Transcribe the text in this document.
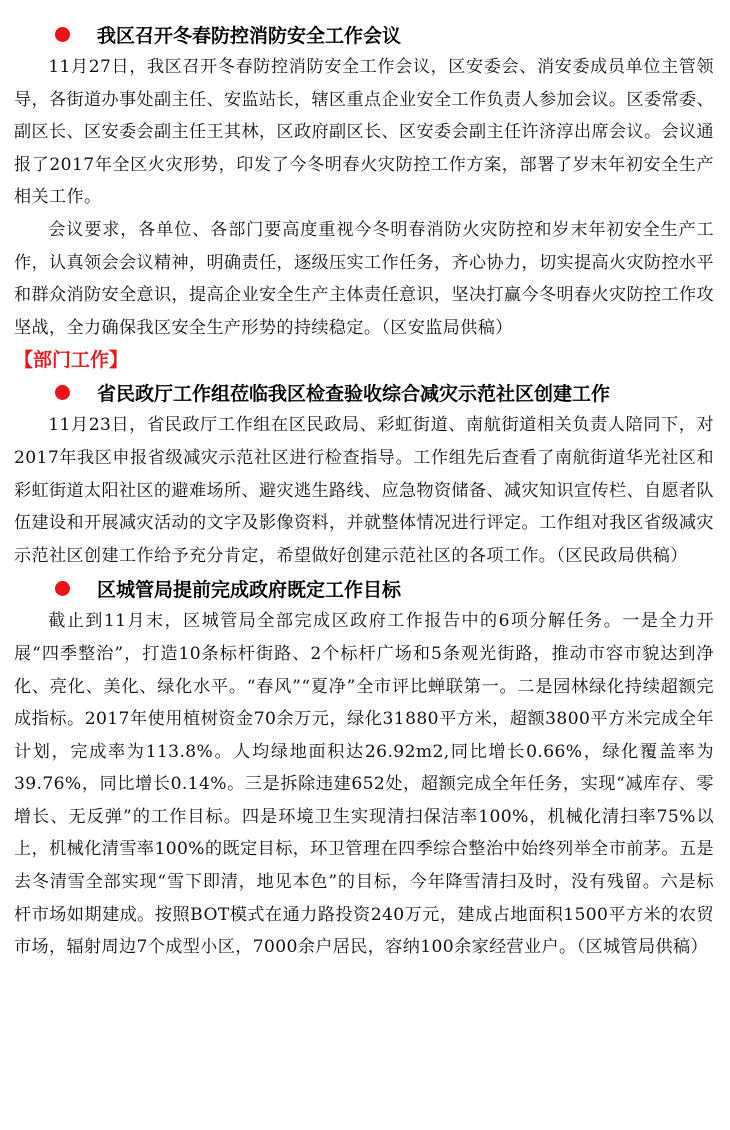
我区召开冬春防控消防安全工作会议

11月27日，我区召开冬春防控消防安全工作会议，区安委会、消安委成员单位主管领导，各街道办事处副主任、安监站长，辖区重点企业安全工作负责人参加会议。区委常委、副区长、区安委会副主任王其林，区政府副区长、区安委会副主任许济淳出席会议。会议通报了2017年全区火灾形势，印发了今冬明春火灾防控工作方案，部署了岁末年初安全生产相关工作。

会议要求，各单位、各部门要高度重视今冬明春消防火灾防控和岁末年初安全生产工作，认真领会会议精神，明确责任，逐级压实工作任务，齐心协力，切实提高火灾防控水平和群众消防安全意识，提高企业安全生产主体责任意识，坚决打赢今冬明春火灾防控工作攻坚战，全力确保我区安全生产形势的持续稳定。（区安监局供稿）

【部门工作】
省民政厅工作组莅临我区检查验收综合减灾示范社区创建工作

11月23日，省民政厅工作组在区民政局、彩虹街道、南航街道相关负责人陪同下，对2017年我区申报省级减灾示范社区进行检查指导。工作组先后查看了南航街道华光社区和彩虹街道太阳社区的避难场所、避灾逃生路线、应急物资储备、减灾知识宣传栏、自愿者队伍建设和开展减灾活动的文字及影像资料，并就整体情况进行评定。工作组对我区省级减灾示范社区创建工作给予充分肯定，希望做好创建示范社区的各项工作。（区民政局供稿）

区城管局提前完成政府既定工作目标

截止到11月末，区城管局全部完成区政府工作报告中的6项分解任务。一是全力开展“四季整治”，打造10条标杆街路、2个标杆广场和5条观光街路，推动市容市貌达到净化、亮化、美化、绿化水平。“春风”“夏净”全市评比蝉联第一。二是园林绿化持续超额完成指标。2017年使用植树资金70余万元，绿化31880平方米，超额3800平方米完成全年计划，完成率为113.8%。人均绿地面积达26.92m2,同比增长0.66%，绿化覆盖率为39.76%，同比增长0.14%。三是拆除违建652处，超额完成全年任务，实现“减库存、零增长、无反弹”的工作目标。四是环境卫生实现清扫保洁率100%，机械化清扫率75%以上，机械化清雪率100%的既定目标，环卫管理在四季综合整治中始终列举全市前茅。五是去冬清雪全部实现“雪下即清，地见本色”的目标，今年降雪清扫及时，没有残留。六是标杆市场如期建成。按照BOT模式在通力路投资240万元，建成占地面积1500平方米的农贸市场，辐射周边7个成型小区，7000余户居民，容纳100余家经营业户。（区城管局供稿）
